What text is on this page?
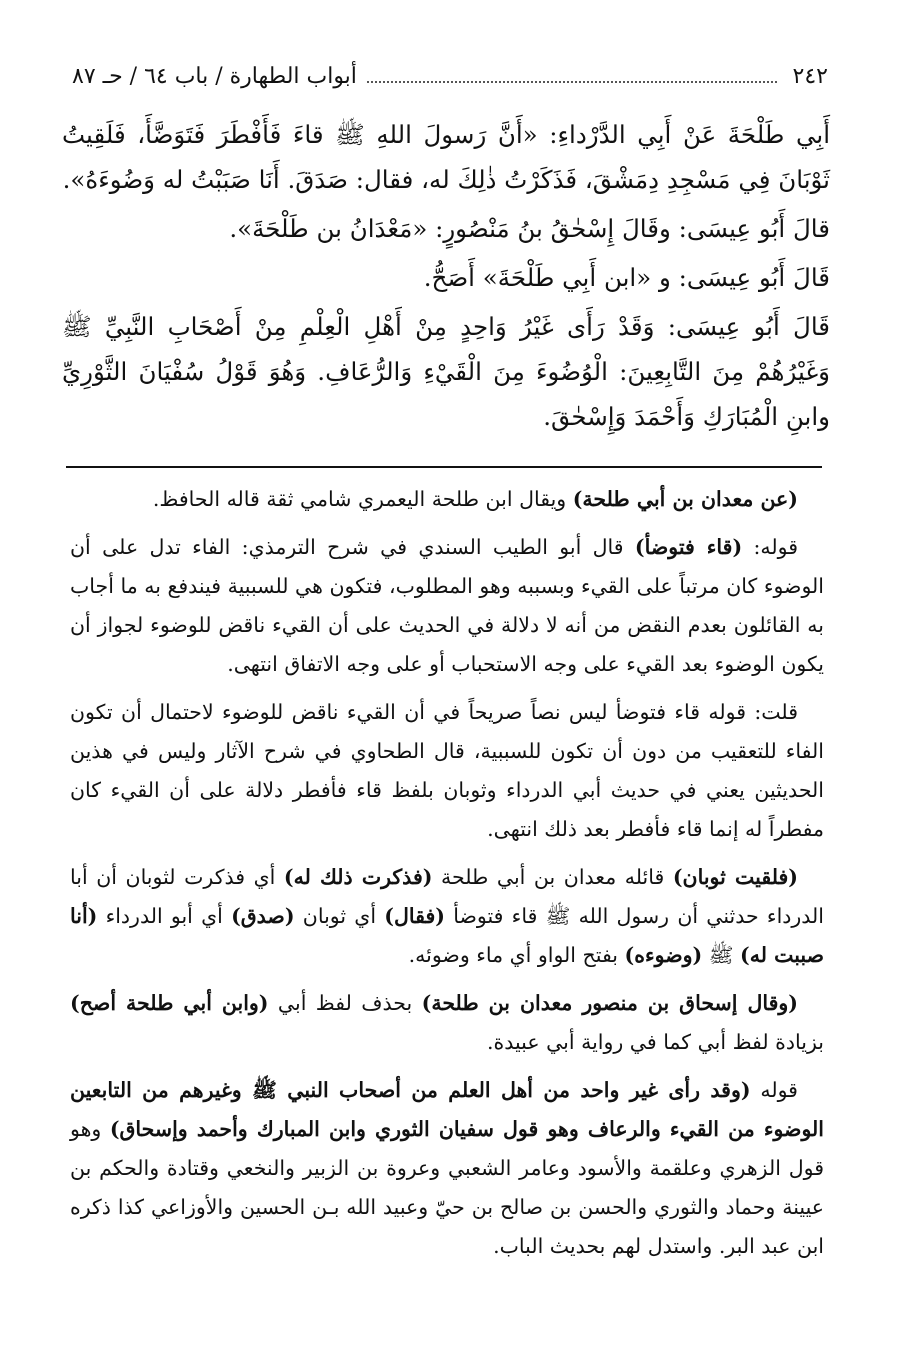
٢٤٢
أبواب الطهارة / باب ٦٤ / حـ ٨٧

أَبِي طَلْحَةَ عَنْ أَبِي الدَّرْداءِ: «أَنَّ رَسولَ اللهِ ﷺ قاءَ فَأَفْطَرَ فَتَوَضَّأَ، فَلَقِيتُ ثَوْبَانَ فِي مَسْجِدِ دِمَشْقَ، فَذَكَرْتُ ذٰلِكَ له، فقال: صَدَقَ. أَنَا صَبَبْتُ له وَضُوءَهُ».

قالَ أَبُو عِيسَى: وقَالَ إِسْحٰقُ بنُ مَنْصُورٍ: «مَعْدَانُ بن طَلْحَةَ».

قَالَ أَبُو عِيسَى: و «ابن أَبِي طَلْحَةَ» أَصَحُّ.

قَالَ أَبُو عِيسَى: وَقَدْ رَأَى غَيْرُ وَاحِدٍ مِنْ أَهْلِ الْعِلْمِ مِنْ أَصْحَابِ النَّبِيِّ ﷺ وَغَيْرُهُمْ مِنَ التَّابِعِينَ: الْوُضُوءَ مِنَ الْقَيْءِ وَالرُّعَافِ. وَهُوَ قَوْلُ سُفْيَانَ الثَّوْرِيِّ وابنِ الْمُبَارَكِ وَأَحْمَدَ وَإِسْحٰقَ.

(عن معدان بن أبي طلحة) ويقال ابن طلحة اليعمري شامي ثقة قاله الحافظ.

قوله: (قاء فتوضأ) قال أبو الطيب السندي في شرح الترمذي: الفاء تدل على أن الوضوء كان مرتباً على القيء وبسببه وهو المطلوب، فتكون هي للسببية فيندفع به ما أجاب به القائلون بعدم النقض من أنه لا دلالة في الحديث على أن القيء ناقض للوضوء لجواز أن يكون الوضوء بعد القيء على وجه الاستحباب أو على وجه الاتفاق انتهى.

قلت: قوله قاء فتوضأ ليس نصاً صريحاً في أن القيء ناقض للوضوء لاحتمال أن تكون الفاء للتعقيب من دون أن تكون للسببية، قال الطحاوي في شرح الآثار وليس في هذين الحديثين يعني في حديث أبي الدرداء وثوبان بلفظ قاء فأفطر دلالة على أن القيء كان مفطراً له إنما قاء فأفطر بعد ذلك انتهى.

(فلقيت ثوبان) قائله معدان بن أبي طلحة (فذكرت ذلك له) أي فذكرت لثوبان أن أبا الدرداء حدثني أن رسول الله ﷺ قاء فتوضأ (فقال) أي ثوبان (صدق) أي أبو الدرداء (أنا صببت له) ﷺ (وضوءه) بفتح الواو أي ماء وضوئه.

(وقال إسحاق بن منصور معدان بن طلحة) بحذف لفظ أبي (وابن أبي طلحة أصح) بزيادة لفظ أبي كما في رواية أبي عبيدة.

قوله (وقد رأى غير واحد من أهل العلم من أصحاب النبي ﷺ وغيرهم من التابعين الوضوء من القيء والرعاف وهو قول سفيان الثوري وابن المبارك وأحمد وإسحاق) وهو قول الزهري وعلقمة والأسود وعامر الشعبي وعروة بن الزبير والنخعي وقتادة والحكم بن عيينة وحماد والثوري والحسن بن صالح بن حيّ وعبيد الله بـن الحسين والأوزاعي كذا ذكره ابن عبد البر. واستدل لهم بحديث الباب.
